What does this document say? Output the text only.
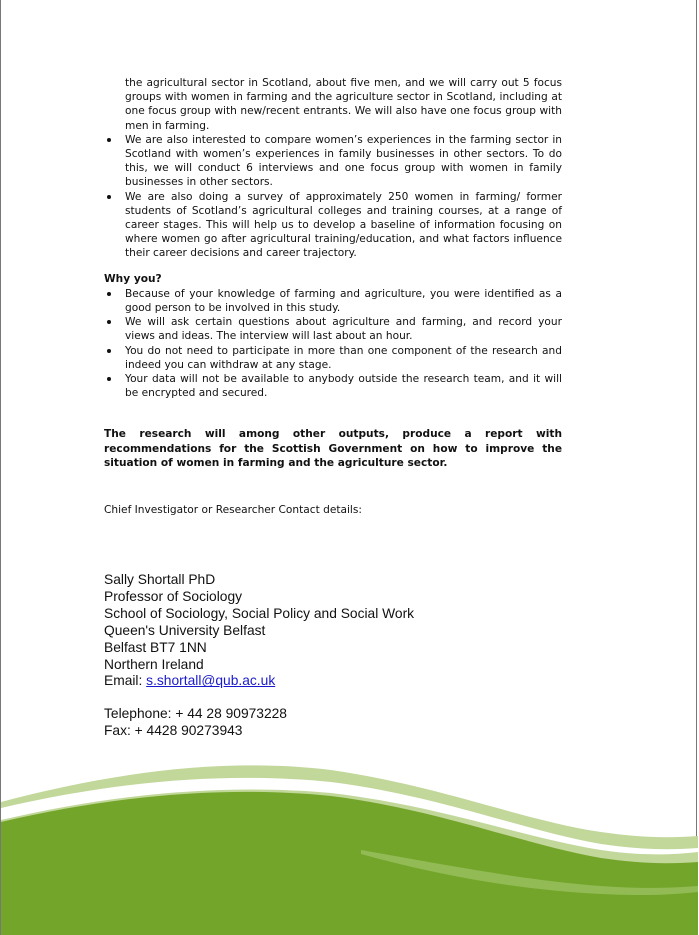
the agricultural sector in Scotland, about five men, and we will carry out 5 focus groups with women in farming and the agriculture sector in Scotland, including at one focus group with new/recent entrants. We will also have one focus group with men in farming.

We are also interested to compare women’s experiences in the farming sector in Scotland with women’s experiences in family businesses in other sectors. To do this, we will conduct 6 interviews and one focus group with women in family businesses in other sectors.
We are also doing a survey of approximately 250 women in farming/ former students of Scotland’s agricultural colleges and training courses, at a range of career stages. This will help us to develop a baseline of information focusing on where women go after agricultural training/education, and what factors influence their career decisions and career trajectory.
Why you?
Because of your knowledge of farming and agriculture, you were identified as a good person to be involved in this study.
We will ask certain questions about agriculture and farming, and record your views and ideas. The interview will last about an hour.
You do not need to participate in more than one component of the research and indeed you can withdraw at any stage.
Your data will not be available to anybody outside the research team, and it will be encrypted and secured.

The research will among other outputs, produce a report with recommendations for the Scottish Government on how to improve the situation of women in farming and the agriculture sector.

Chief Investigator or Researcher Contact details:

Sally Shortall PhD
Professor of Sociology
School of Sociology, Social Policy and Social Work
Queen's University Belfast
Belfast BT7 1NN
Northern Ireland
Email: s.shortall@qub.ac.uk
Telephone: + 44 28 90973228
Fax: + 4428 90273943
